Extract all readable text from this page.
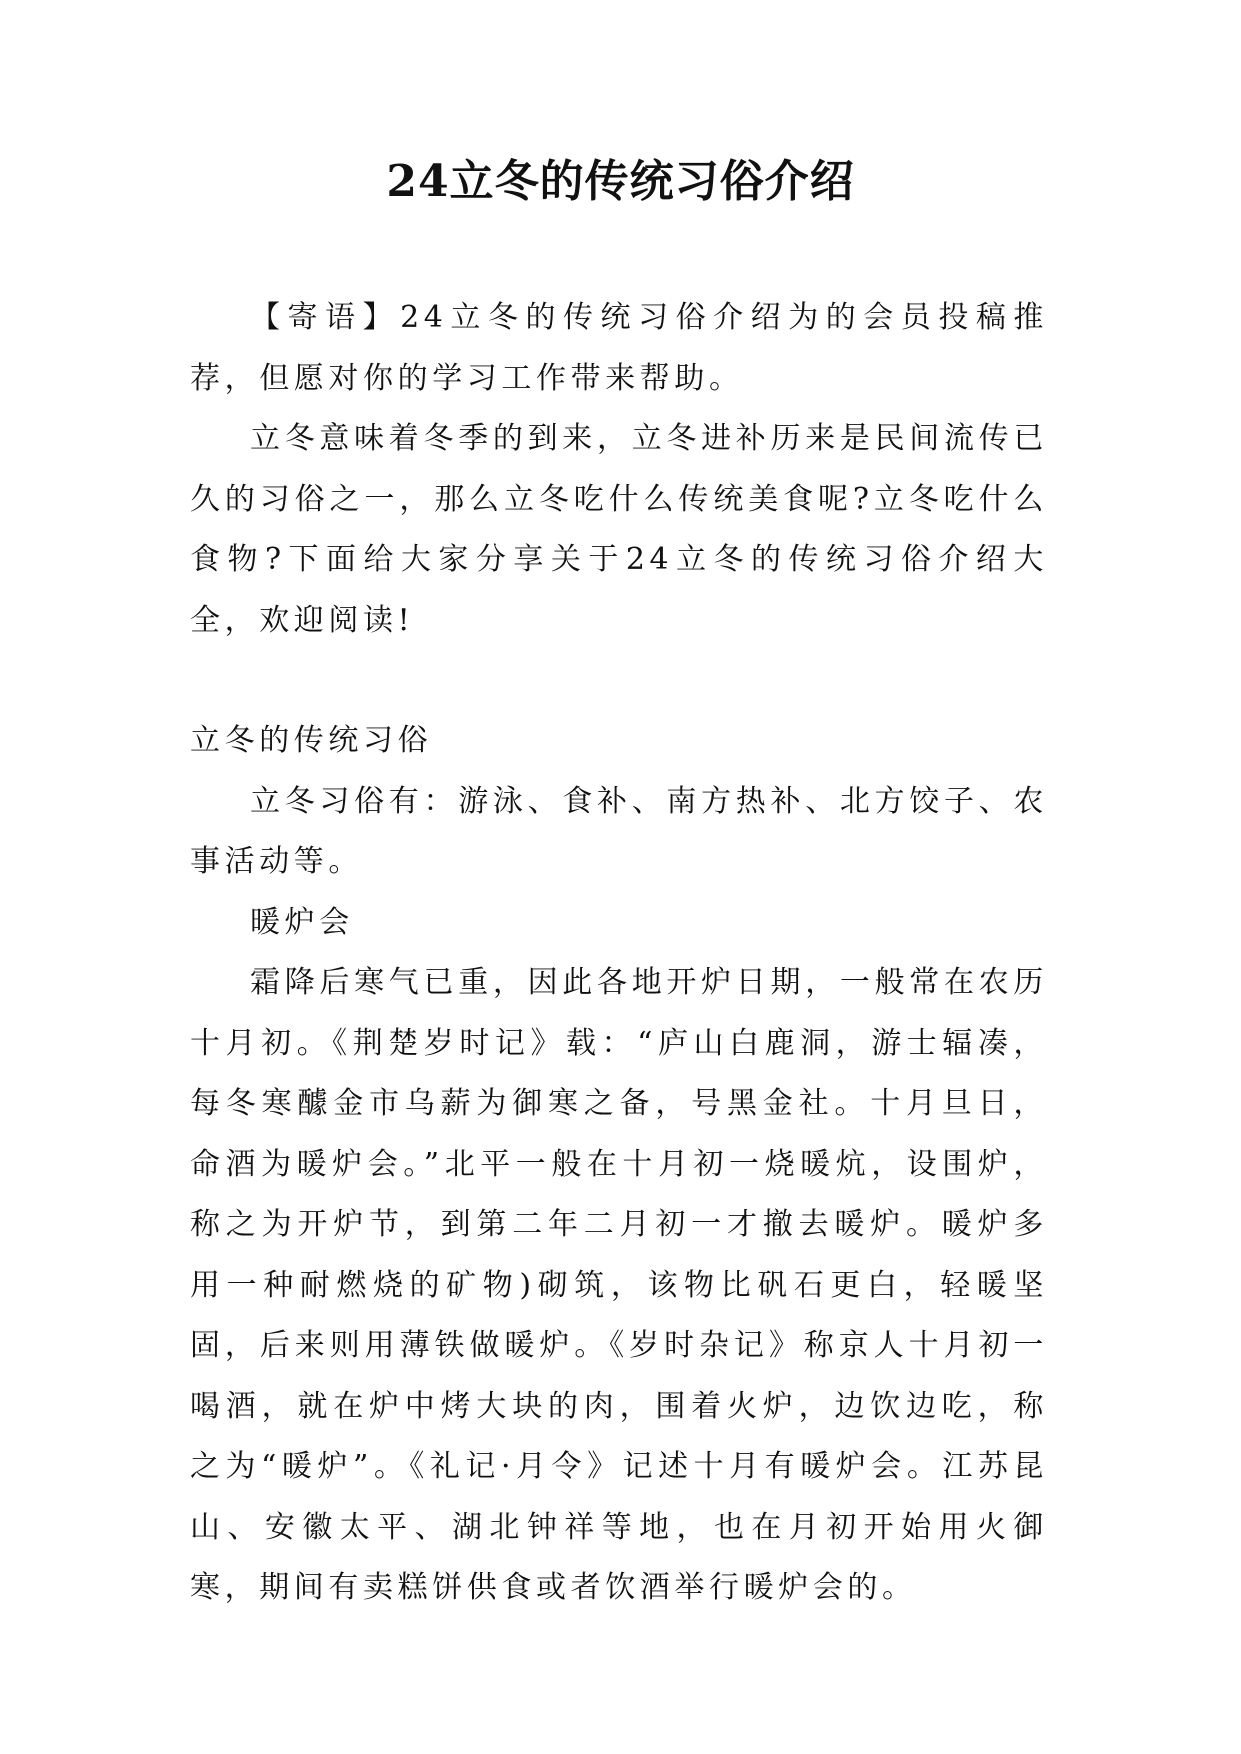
24立冬的传统习俗介绍

【寄语】24立冬的传统习俗介绍为的会员投稿推荐，但愿对你的学习工作带来帮助。

立冬意味着冬季的到来，立冬进补历来是民间流传已久的习俗之一，那么立冬吃什么传统美食呢?立冬吃什么食物?下面给大家分享关于24立冬的传统习俗介绍大全，欢迎阅读!

立冬的传统习俗

立冬习俗有：游泳、食补、南方热补、北方饺子、农事活动等。

暖炉会

霜降后寒气已重，因此各地开炉日期，一般常在农历十月初。《荆楚岁时记》载：“庐山白鹿洞，游士辐凑，每冬寒醵金市乌薪为御寒之备，号黑金社。十月旦日，命酒为暖炉会。”北平一般在十月初一烧暖炕，设围炉，称之为开炉节，到第二年二月初一才撤去暖炉。暖炉多用一种耐燃烧的矿物)砌筑，该物比矾石更白，轻暖坚固，后来则用薄铁做暖炉。《岁时杂记》称京人十月初一喝酒，就在炉中烤大块的肉，围着火炉，边饮边吃，称之为“暖炉”。《礼记·月令》记述十月有暖炉会。江苏昆山、安徽太平、湖北钟祥等地，也在月初开始用火御寒，期间有卖糕饼供食或者饮酒举行暖炉会的。
